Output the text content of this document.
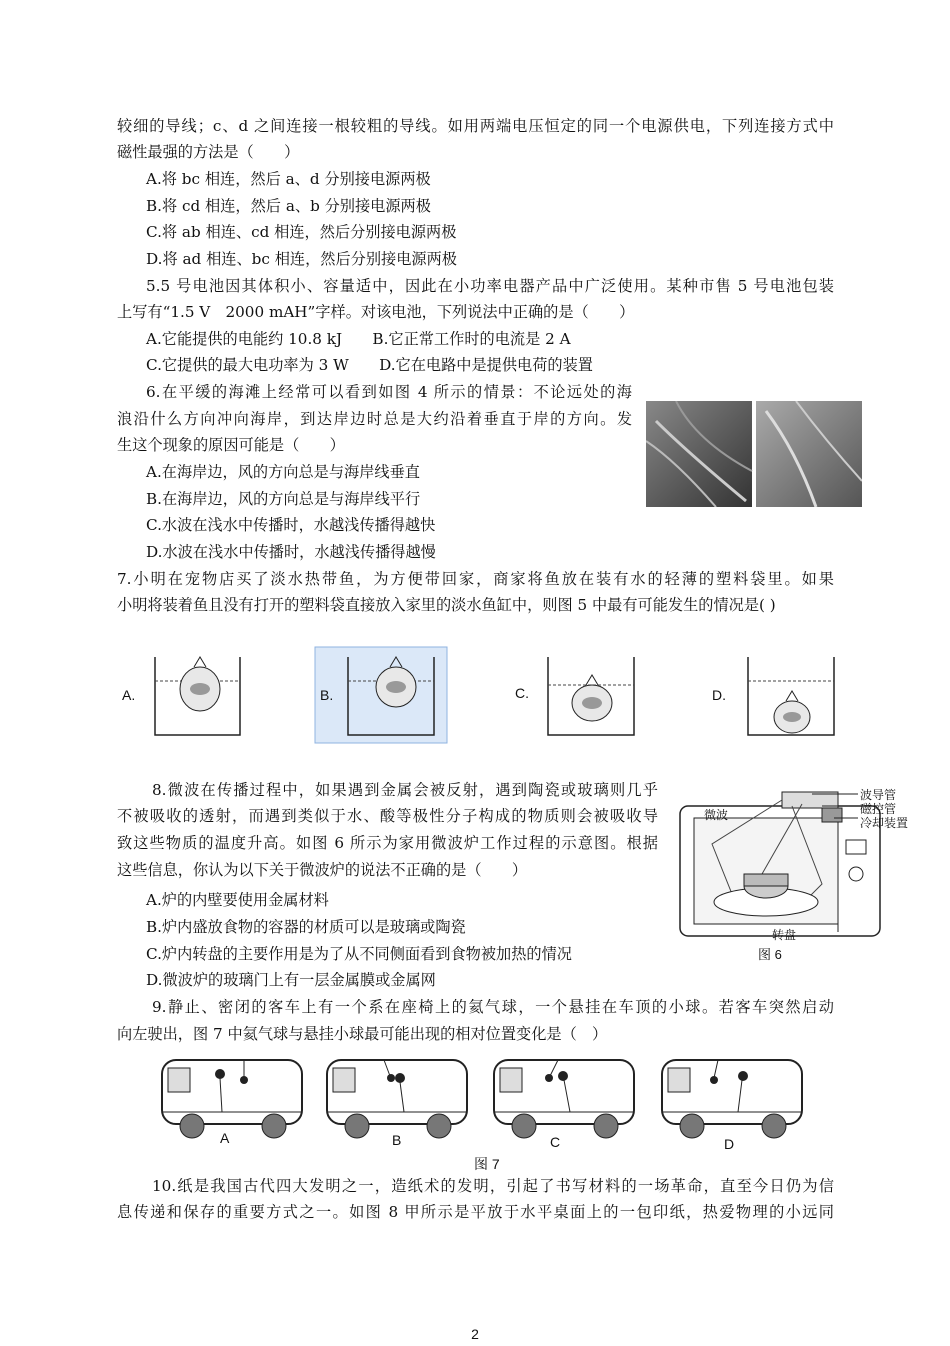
较细的导线；c、d 之间连接一根较粗的导线。如用两端电压恒定的同一个电源供电，下列连接方式中
磁性最强的方法是（　　）
A.将 bc 相连，然后 a、d 分别接电源两极
B.将 cd 相连，然后 a、b 分别接电源两极
C.将 ab 相连、cd 相连，然后分别接电源两极
D.将 ad 相连、bc 相连，然后分别接电源两极
5.5 号电池因其体积小、容量适中，因此在小功率电器产品中广泛使用。某种市售 5 号电池包装
上写有“1.5 V　2000 mAH”字样。对该电池，下列说法中正确的是（　　）
A.它能提供的电能约 10.8 kJ　　B.它正常工作时的电流是 2 A
C.它提供的最大电功率为 3 W　　D.它在电路中是提供电荷的装置
6.在平缓的海滩上经常可以看到如图 4 所示的情景：不论远处的海
浪沿什么方向冲向海岸，到达岸边时总是大约沿着垂直于岸的方向。发
生这个现象的原因可能是（　　）
A.在海岸边，风的方向总是与海岸线垂直
B.在海岸边，风的方向总是与海岸线平行
C.水波在浅水中传播时，水越浅传播得越快
D.水波在浅水中传播时，水越浅传播得越慢
7.小明在宠物店买了淡水热带鱼，为方便带回家，商家将鱼放在装有水的轻薄的塑料袋里。如果
小明将装着鱼且没有打开的塑料袋直接放入家里的淡水鱼缸中，则图 5 中最有可能发生的情况是( )
A.	B.	C.	D.
8.微波在传播过程中，如果遇到金属会被反射，遇到陶瓷或玻璃则几乎
不被吸收的透射，而遇到类似于水、酸等极性分子构成的物质则会被吸收导
致这些物质的温度升高。如图 6 所示为家用微波炉工作过程的示意图。根据
这些信息，你认为以下关于微波炉的说法不正确的是（　　）
A.炉的内壁要使用金属材料
B.炉内盛放食物的容器的材质可以是玻璃或陶瓷
C.炉内转盘的主要作用是为了从不同侧面看到食物被加热的情况
D.微波炉的玻璃门上有一层金属膜或金属网
微波
波导管
磁控管
冷却装置
转盘
图 6
9.静止、密闭的客车上有一个系在座椅上的氦气球，一个悬挂在车顶的小球。若客车突然启动
向左驶出，图 7 中氦气球与悬挂小球最可能出现的相对位置变化是（　）
A	B	C	D
图 7
10.纸是我国古代四大发明之一，造纸术的发明，引起了书写材料的一场革命，直至今日仍为信
息传递和保存的重要方式之一。如图 8 甲所示是平放于水平桌面上的一包印纸，热爱物理的小远同
2
